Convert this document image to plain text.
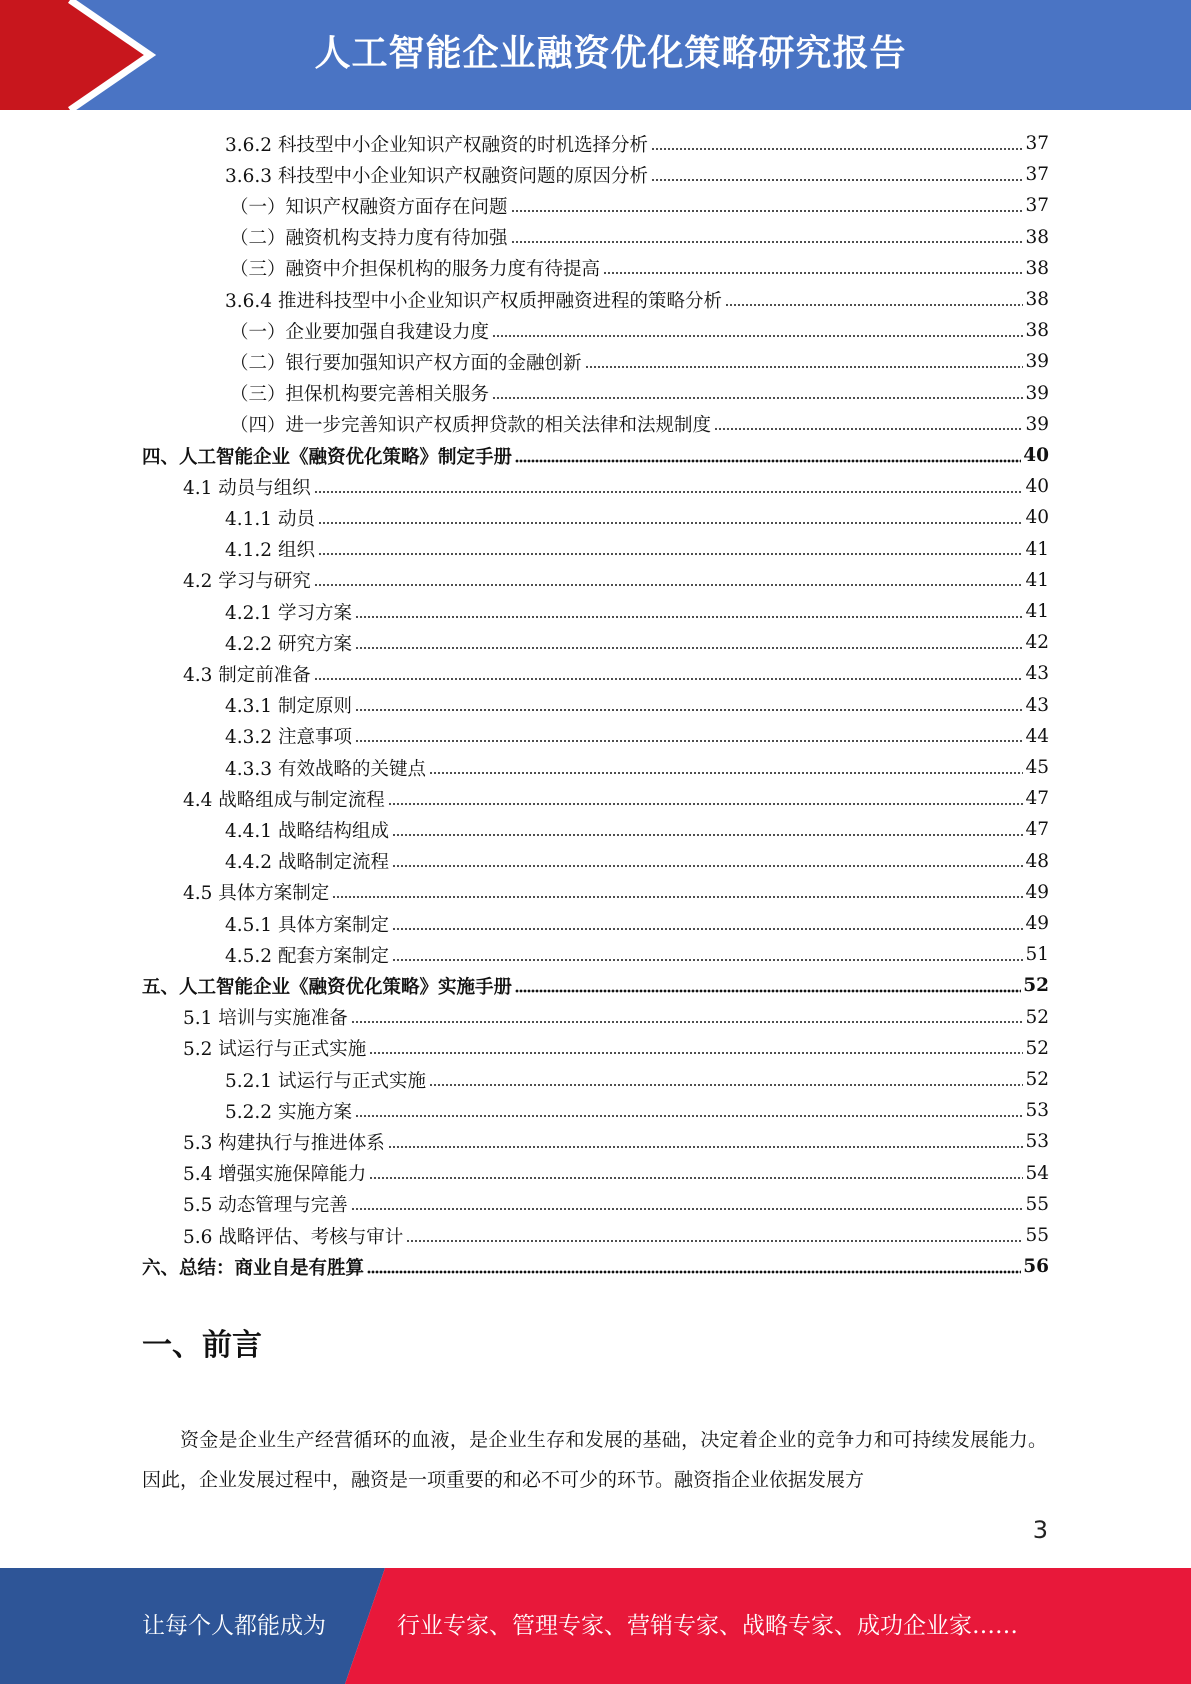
人工智能企业融资优化策略研究报告
3.6.2 科技型中小企业知识产权融资的时机选择分析	37
3.6.3 科技型中小企业知识产权融资问题的原因分析	37
（一）知识产权融资方面存在问题	37
（二）融资机构支持力度有待加强	38
（三）融资中介担保机构的服务力度有待提高	38
3.6.4 推进科技型中小企业知识产权质押融资进程的策略分析	38
（一）企业要加强自我建设力度	38
（二）银行要加强知识产权方面的金融创新	39
（三）担保机构要完善相关服务	39
（四）进一步完善知识产权质押贷款的相关法律和法规制度	39
四、人工智能企业《融资优化策略》制定手册	40
4.1 动员与组织	40
4.1.1 动员	40
4.1.2 组织	41
4.2 学习与研究	41
4.2.1 学习方案	41
4.2.2 研究方案	42
4.3 制定前准备	43
4.3.1 制定原则	43
4.3.2 注意事项	44
4.3.3 有效战略的关键点	45
4.4 战略组成与制定流程	47
4.4.1 战略结构组成	47
4.4.2 战略制定流程	48
4.5 具体方案制定	49
4.5.1 具体方案制定	49
4.5.2 配套方案制定	51
五、人工智能企业《融资优化策略》实施手册	52
5.1 培训与实施准备	52
5.2 试运行与正式实施	52
5.2.1 试运行与正式实施	52
5.2.2 实施方案	53
5.3 构建执行与推进体系	53
5.4 增强实施保障能力	54
5.5 动态管理与完善	55
5.6 战略评估、考核与审计	55
六、总结：商业自是有胜算	56
一、前言
资金是企业生产经营循环的血液，是企业生存和发展的基础，决定着企业的竞争力和可持续发展能力。因此，企业发展过程中，融资是一项重要的和必不可少的环节。融资指企业依据发展方
3
让每个人都能成为	行业专家、管理专家、营销专家、战略专家、成功企业家……
